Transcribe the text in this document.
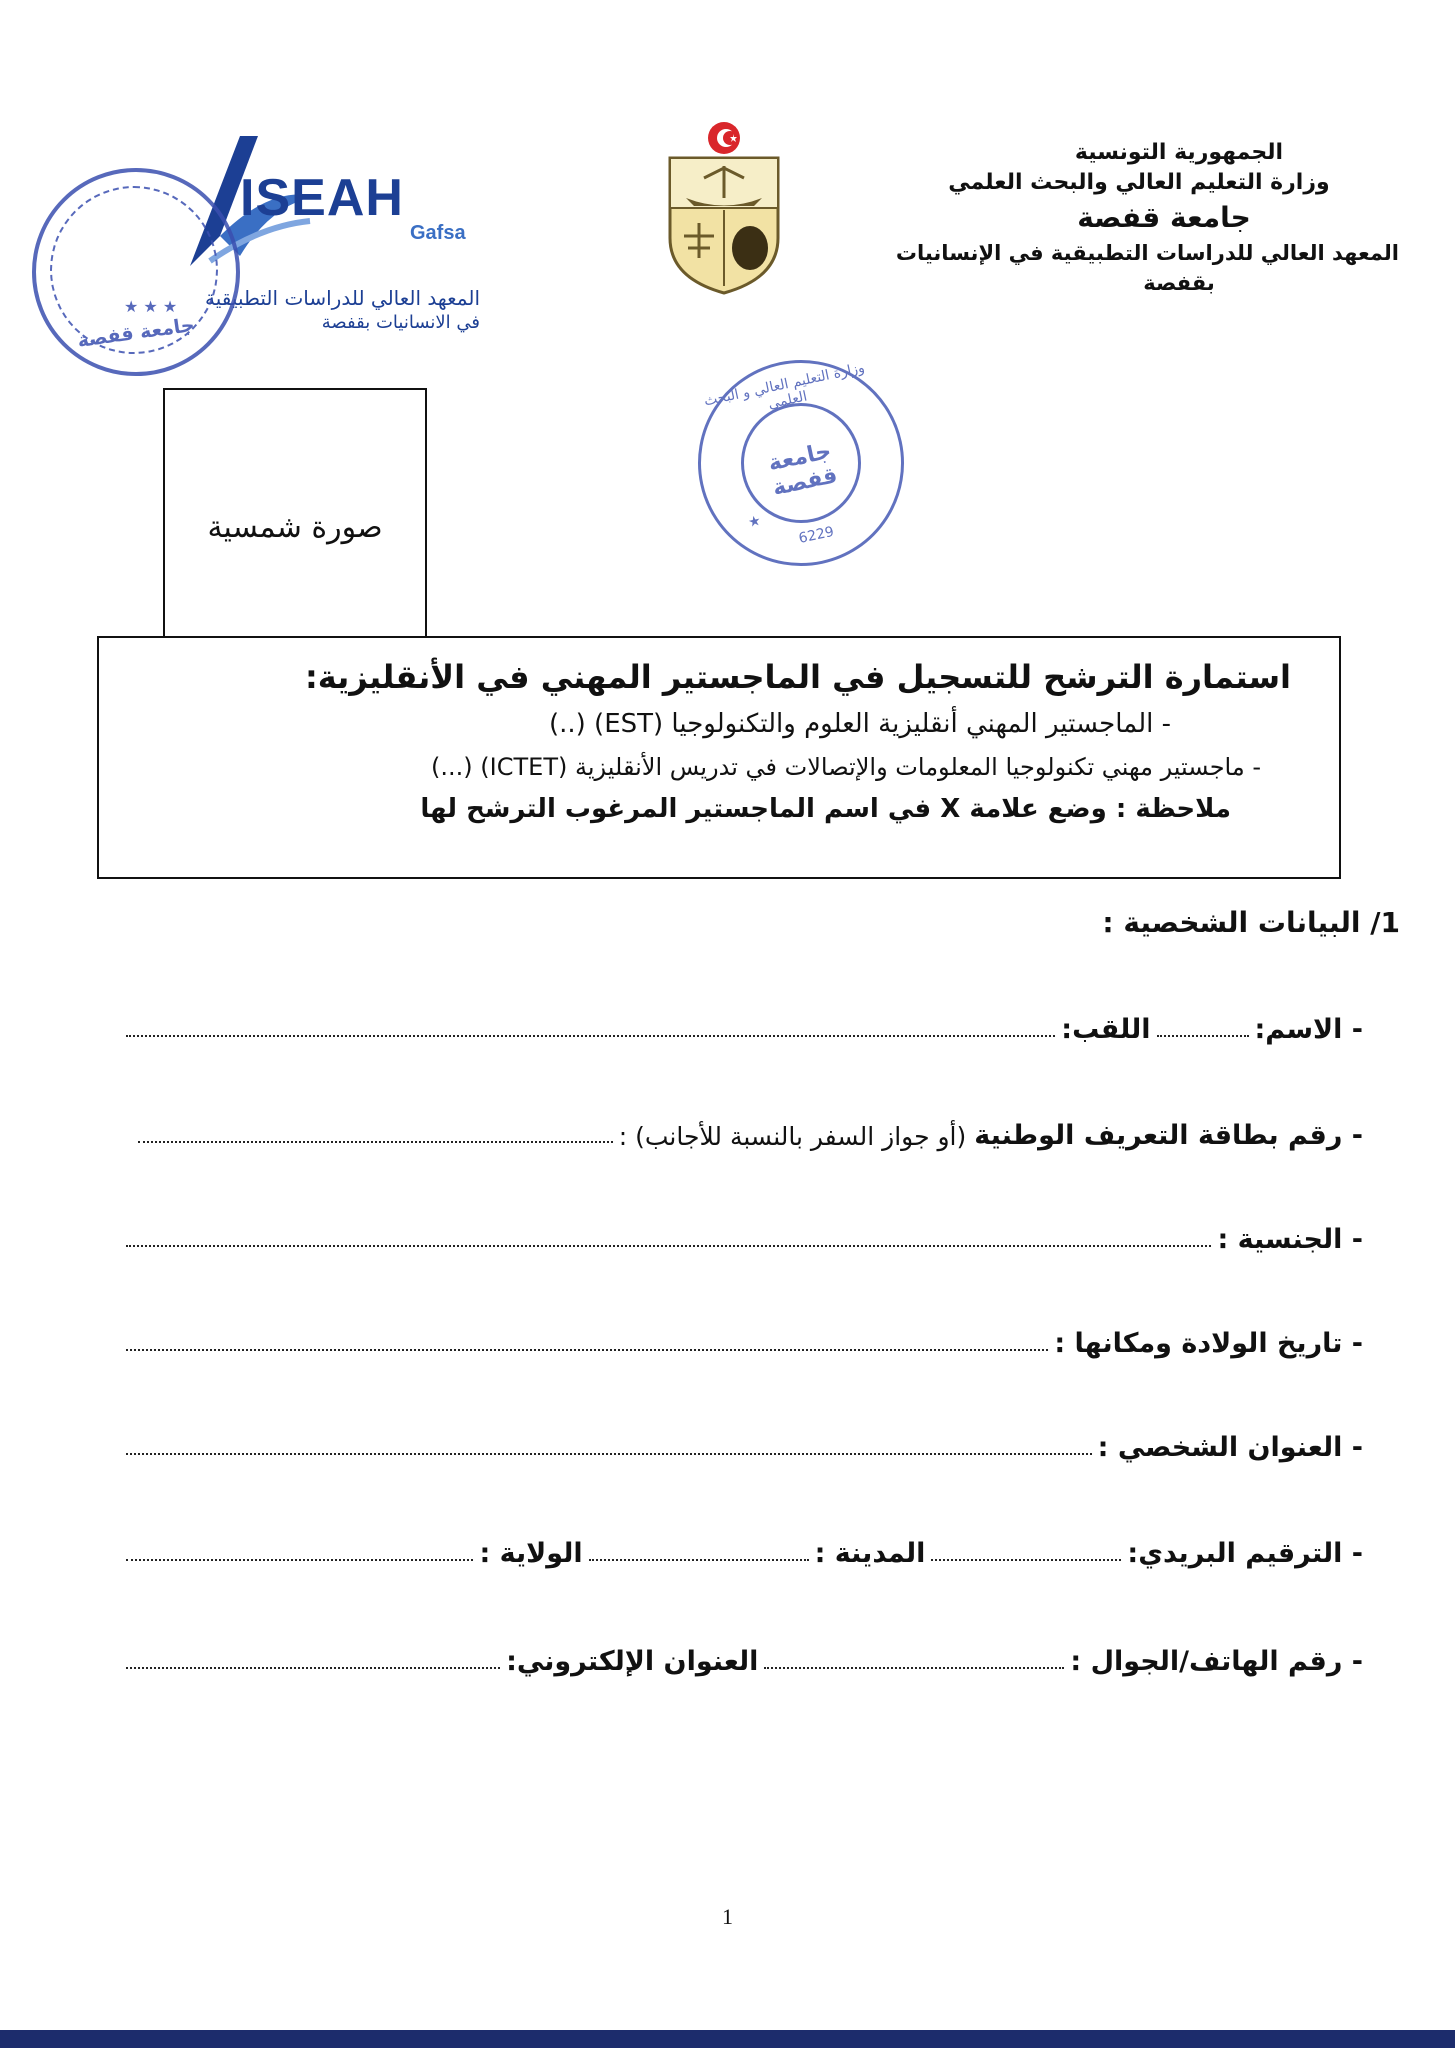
ISEAH
Gafsa
المعهد العالي للدراسات التطبيقية
في الانسانيات بقفصة
جامعة قفصة
★ ★ ★
الجمهورية التونسية
وزارة التعليم العالي والبحث العلمي
جامعة قفصة
المعهد العالي للدراسات التطبيقية في الإنسانيات
بقفصة
صورة شمسية
وزارة التعليم العالي و البحث العلمي
جامعة قفصة
6229
★
استمارة الترشح للتسجيل في الماجستير المهني في الأنقليزية:
- الماجستير المهني أنقليزية العلوم والتكنولوجيا (EST) (..)
- ماجستير مهني تكنولوجيا المعلومات والإتصالات في تدريس الأنقليزية (ICTET) (...)
ملاحظة : وضع علامة X في اسم الماجستير المرغوب الترشح لها
1/ البيانات الشخصية :
- الاسم:
اللقب:
- رقم بطاقة التعريف الوطنية
(أو جواز السفر بالنسبة للأجانب) :
- الجنسية :
- تاريخ الولادة ومكانها :
- العنوان الشخصي :
- الترقيم البريدي:
المدينة :
الولاية :
- رقم الهاتف/الجوال :
العنوان الإلكتروني:
1
